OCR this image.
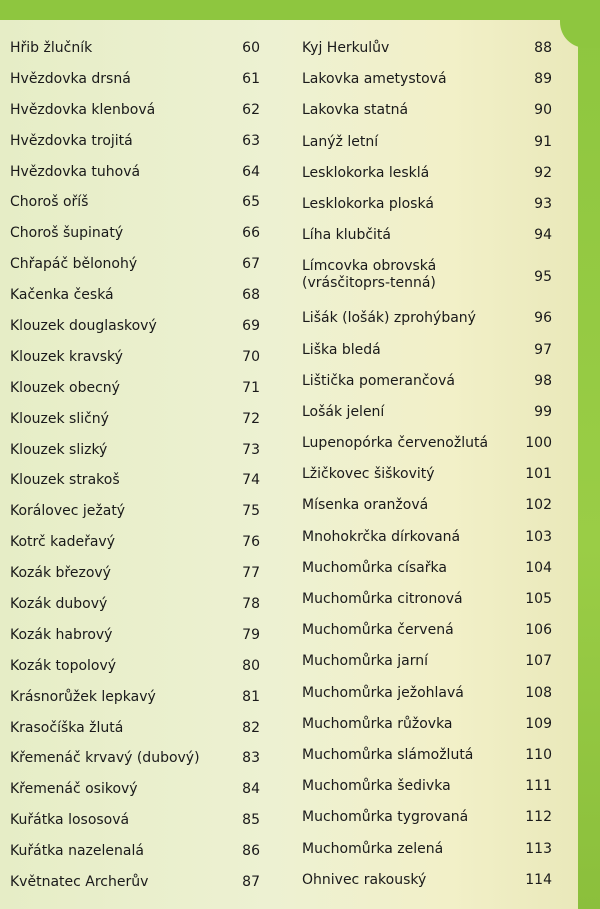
Hřib žlučník	60
Hvězdovka drsná	61
Hvězdovka klenbová	62
Hvězdovka trojitá	63
Hvězdovka tuhová	64
Choroš oříš	65
Choroš šupinatý	66
Chřapáč bělonohý	67
Kačenka česká	68
Klouzek douglaskový	69
Klouzek kravský	70
Klouzek obecný	71
Klouzek sličný	72
Klouzek slizký	73
Klouzek strakoš	74
Korálovec ježatý	75
Kotrč kadeřavý	76
Kozák březový	77
Kozák dubový	78
Kozák habrový	79
Kozák topolový	80
Krásnorůžek lepkavý	81
Krasočíška žlutá	82
Křemenáč krvavý (dubový)	83
Křemenáč osikový	84
Kuřátka lososová	85
Kuřátka nazelenalá	86
Květnatec Archerův	87
Kyj Herkulův	88
Lakovka ametystová	89
Lakovka statná	90
Lanýž letní	91
Lesklokorka lesklá	92
Lesklokorka ploská	93
Líha klubčitá	94
Límcovka obrovská (vrásčitoprs-tenná)	95
Lišák (lošák) zprohýbaný	96
Liška bledá	97
Lištička pomerančová	98
Lošák jelení	99
Lupenopórka červenožlutá	100
Lžičkovec šiškovitý	101
Mísenka oranžová	102
Mnohokrčka dírkovaná	103
Muchomůrka císařka	104
Muchomůrka citronová	105
Muchomůrka červená	106
Muchomůrka jarní	107
Muchomůrka ježohlavá	108
Muchomůrka růžovka	109
Muchomůrka slámožlutá	110
Muchomůrka šedivka	111
Muchomůrka tygrovaná	112
Muchomůrka zelená	113
Ohnivec rakouský	114
